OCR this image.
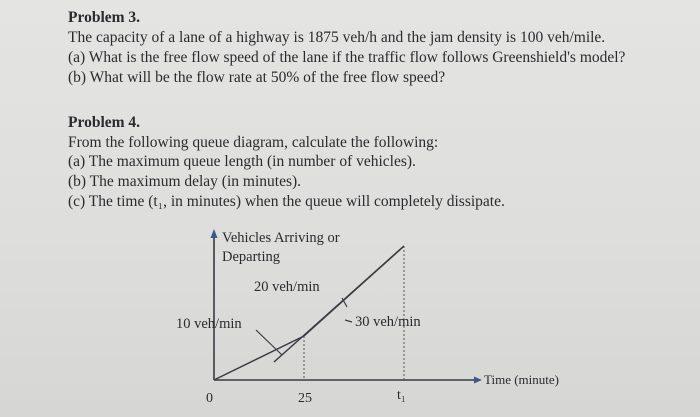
Problem 3.
The capacity of a lane of a highway is 1875 veh/h and the jam density is 100 veh/mile.
(a) What is the free flow speed of the lane if the traffic flow follows Greenshield's model?
(b) What will be the flow rate at 50% of the free flow speed?
Problem 4.
From the following queue diagram, calculate the following:
(a) The maximum queue length (in number of vehicles).
(b) The maximum delay (in minutes).
(c) The time (t₁, in minutes) when the queue will completely dissipate.
Vehicles Arriving or
Departing
20 veh/min
10 veh/min	30 veh/min
Time (minute)
0	25	t₁
